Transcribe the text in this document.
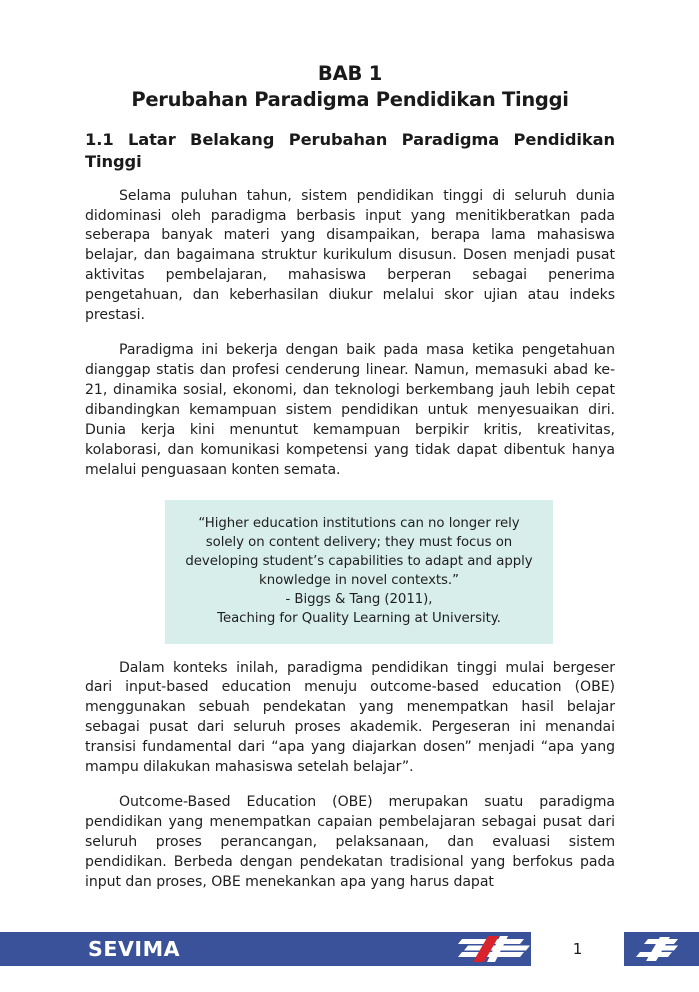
BAB 1
Perubahan Paradigma Pendidikan Tinggi
1.1 Latar Belakang Perubahan Paradigma Pendidikan Tinggi

Selama puluhan tahun, sistem pendidikan tinggi di seluruh dunia didominasi oleh paradigma berbasis input yang menitikberatkan pada seberapa banyak materi yang disampaikan, berapa lama mahasiswa belajar, dan bagaimana struktur kurikulum disusun. Dosen menjadi pusat aktivitas pembelajaran, mahasiswa berperan sebagai penerima pengetahuan, dan keberhasilan diukur melalui skor ujian atau indeks prestasi.

Paradigma ini bekerja dengan baik pada masa ketika pengetahuan dianggap statis dan profesi cenderung linear. Namun, memasuki abad ke-21, dinamika sosial, ekonomi, dan teknologi berkembang jauh lebih cepat dibandingkan kemampuan sistem pendidikan untuk menyesuaikan diri. Dunia kerja kini menuntut kemampuan berpikir kritis, kreativitas, kolaborasi, dan komunikasi kompetensi yang tidak dapat dibentuk hanya melalui penguasaan konten semata.

“Higher education institutions can no longer rely solely on content delivery; they must focus on developing student’s capabilities to adapt and apply knowledge in novel contexts.”
- Biggs & Tang (2011),
Teaching for Quality Learning at University.

Dalam konteks inilah, paradigma pendidikan tinggi mulai bergeser dari input-based education menuju outcome-based education (OBE) menggunakan sebuah pendekatan yang menempatkan hasil belajar sebagai pusat dari seluruh proses akademik. Pergeseran ini menandai transisi fundamental dari “apa yang diajarkan dosen” menjadi “apa yang mampu dilakukan mahasiswa setelah belajar”.

Outcome-Based Education (OBE) merupakan suatu paradigma pendidikan yang menempatkan capaian pembelajaran sebagai pusat dari seluruh proses perancangan, pelaksanaan, dan evaluasi sistem pendidikan. Berbeda dengan pendekatan tradisional yang berfokus pada input dan proses, OBE menekankan apa yang harus dapat

SEVIMA	1
